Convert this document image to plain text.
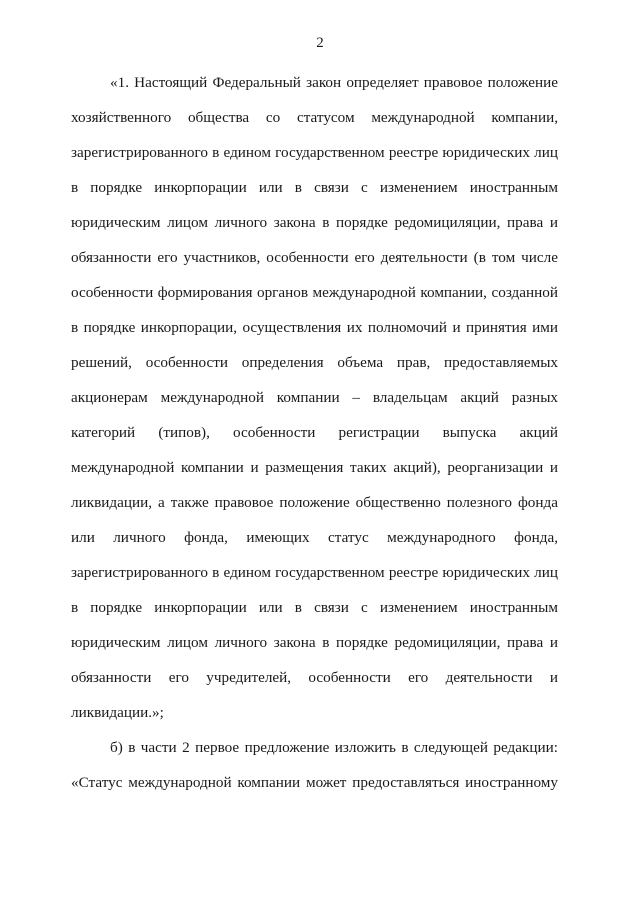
2
«1. Настоящий Федеральный закон определяет правовое положение
хозяйственного общества со статусом международной компании,
зарегистрированного в едином государственном реестре юридических лиц
в порядке инкорпорации или в связи с изменением иностранным
юридическим лицом личного закона в порядке редомициляции, права и
обязанности его участников, особенности его деятельности (в том числе
особенности формирования органов международной компании, созданной
в порядке инкорпорации, осуществления их полномочий и принятия ими
решений, особенности определения объема прав, предоставляемых
акционерам международной компании – владельцам акций разных
категорий (типов), особенности регистрации выпуска акций
международной компании и размещения таких акций), реорганизации и
ликвидации, а также правовое положение общественно полезного фонда
или личного фонда, имеющих статус международного фонда,
зарегистрированного в едином государственном реестре юридических лиц
в порядке инкорпорации или в связи с изменением иностранным
юридическим лицом личного закона в порядке редомициляции, права и
обязанности его учредителей, особенности его деятельности и
ликвидации.»;
б) в части 2 первое предложение изложить в следующей редакции:
«Статус международной компании может предоставляться иностранному
